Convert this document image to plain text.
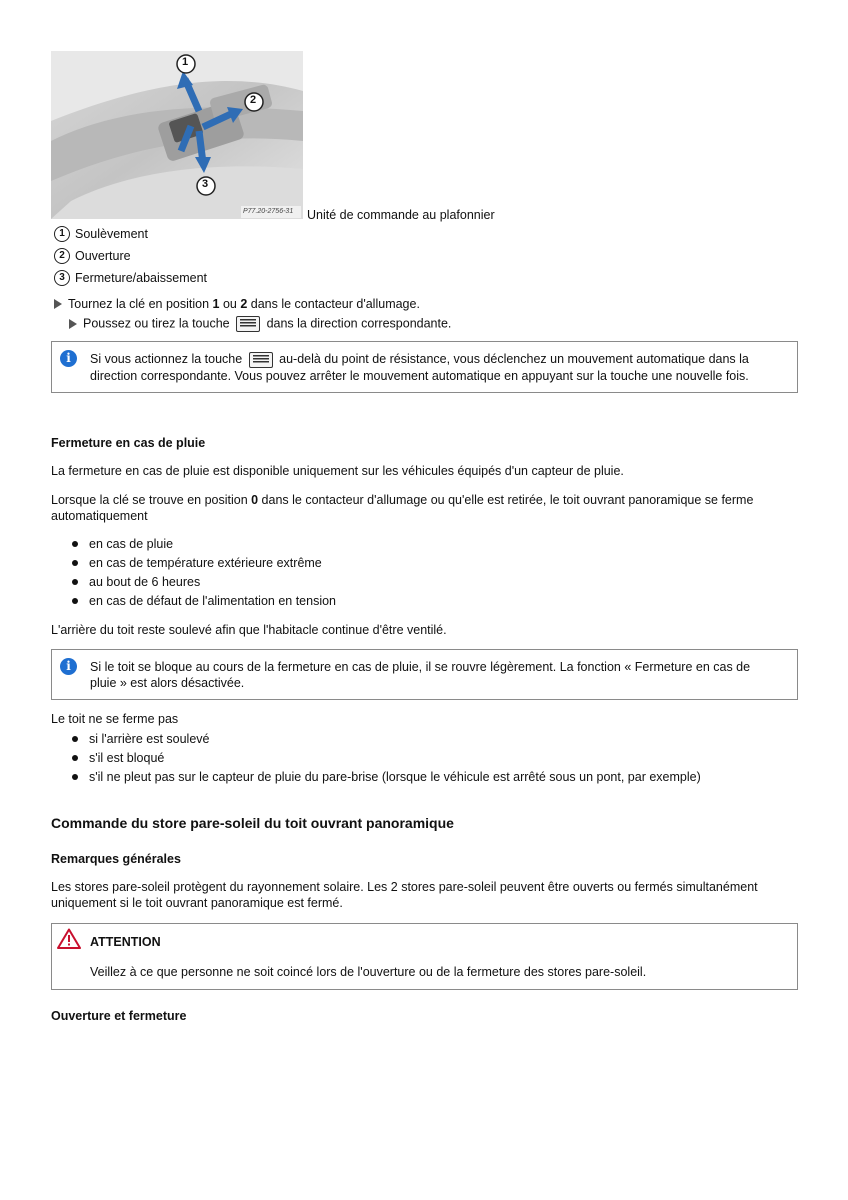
1
2
3
P77.20-2756-31 Unité de commande au plafonnier
1 Soulèvement
2 Ouverture
3 Fermeture/abaissement
Tournez la clé en position 1 ou 2 dans le contacteur d'allumage.
Poussez ou tirez la touche  dans la direction correspondante.
i	Si vous actionnez la touche  au-delà du point de résistance, vous déclenchez un mouvement automatique dans la direction correspondante. Vous pouvez arrêter le mouvement automatique en appuyant sur la touche une nouvelle fois.
Fermeture en cas de pluie
La fermeture en cas de pluie est disponible uniquement sur les véhicules équipés d'un capteur de pluie.
Lorsque la clé se trouve en position 0 dans le contacteur d'allumage ou qu'elle est retirée, le toit ouvrant panoramique se ferme automatiquement
en cas de pluie
en cas de température extérieure extrême
au bout de 6 heures
en cas de défaut de l'alimentation en tension
L'arrière du toit reste soulevé afin que l'habitacle continue d'être ventilé.
i	Si le toit se bloque au cours de la fermeture en cas de pluie, il se rouvre légèrement. La fonction « Fermeture en cas de pluie » est alors désactivée.
Le toit ne se ferme pas
si l'arrière est soulevé
s'il est bloqué
s'il ne pleut pas sur le capteur de pluie du pare-brise (lorsque le véhicule est arrêté sous un pont, par exemple)
Commande du store pare-soleil du toit ouvrant panoramique
Remarques générales
Les stores pare-soleil protègent du rayonnement solaire. Les 2 stores pare-soleil peuvent être ouverts ou fermés simultanément uniquement si le toit ouvrant panoramique est fermé.
ATTENTION
Veillez à ce que personne ne soit coincé lors de l'ouverture ou de la fermeture des stores pare-soleil.
Ouverture et fermeture
